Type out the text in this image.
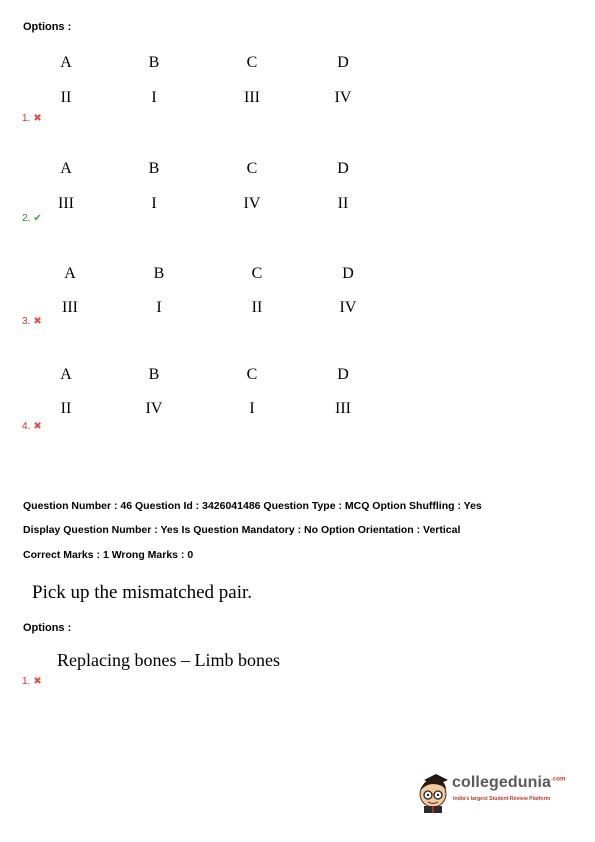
Options :
A	B	C	D
II	I	III	IV
1. ✖
A	B	C	D
III	I	IV	II
2. ✔
A	B	C	D
III	I	II	IV
3. ✖
A	B	C	D
II	IV	I	III
4. ✖
Question Number : 46 Question Id : 3426041486 Question Type : MCQ Option Shuffling : Yes
Display Question Number : Yes Is Question Mandatory : No Option Orientation : Vertical
Correct Marks : 1 Wrong Marks : 0
Pick up the mismatched pair.
Options :
Replacing bones – Limb bones
1. ✖
collegedunia$^{.com}$
India's largest Student Review Platform
